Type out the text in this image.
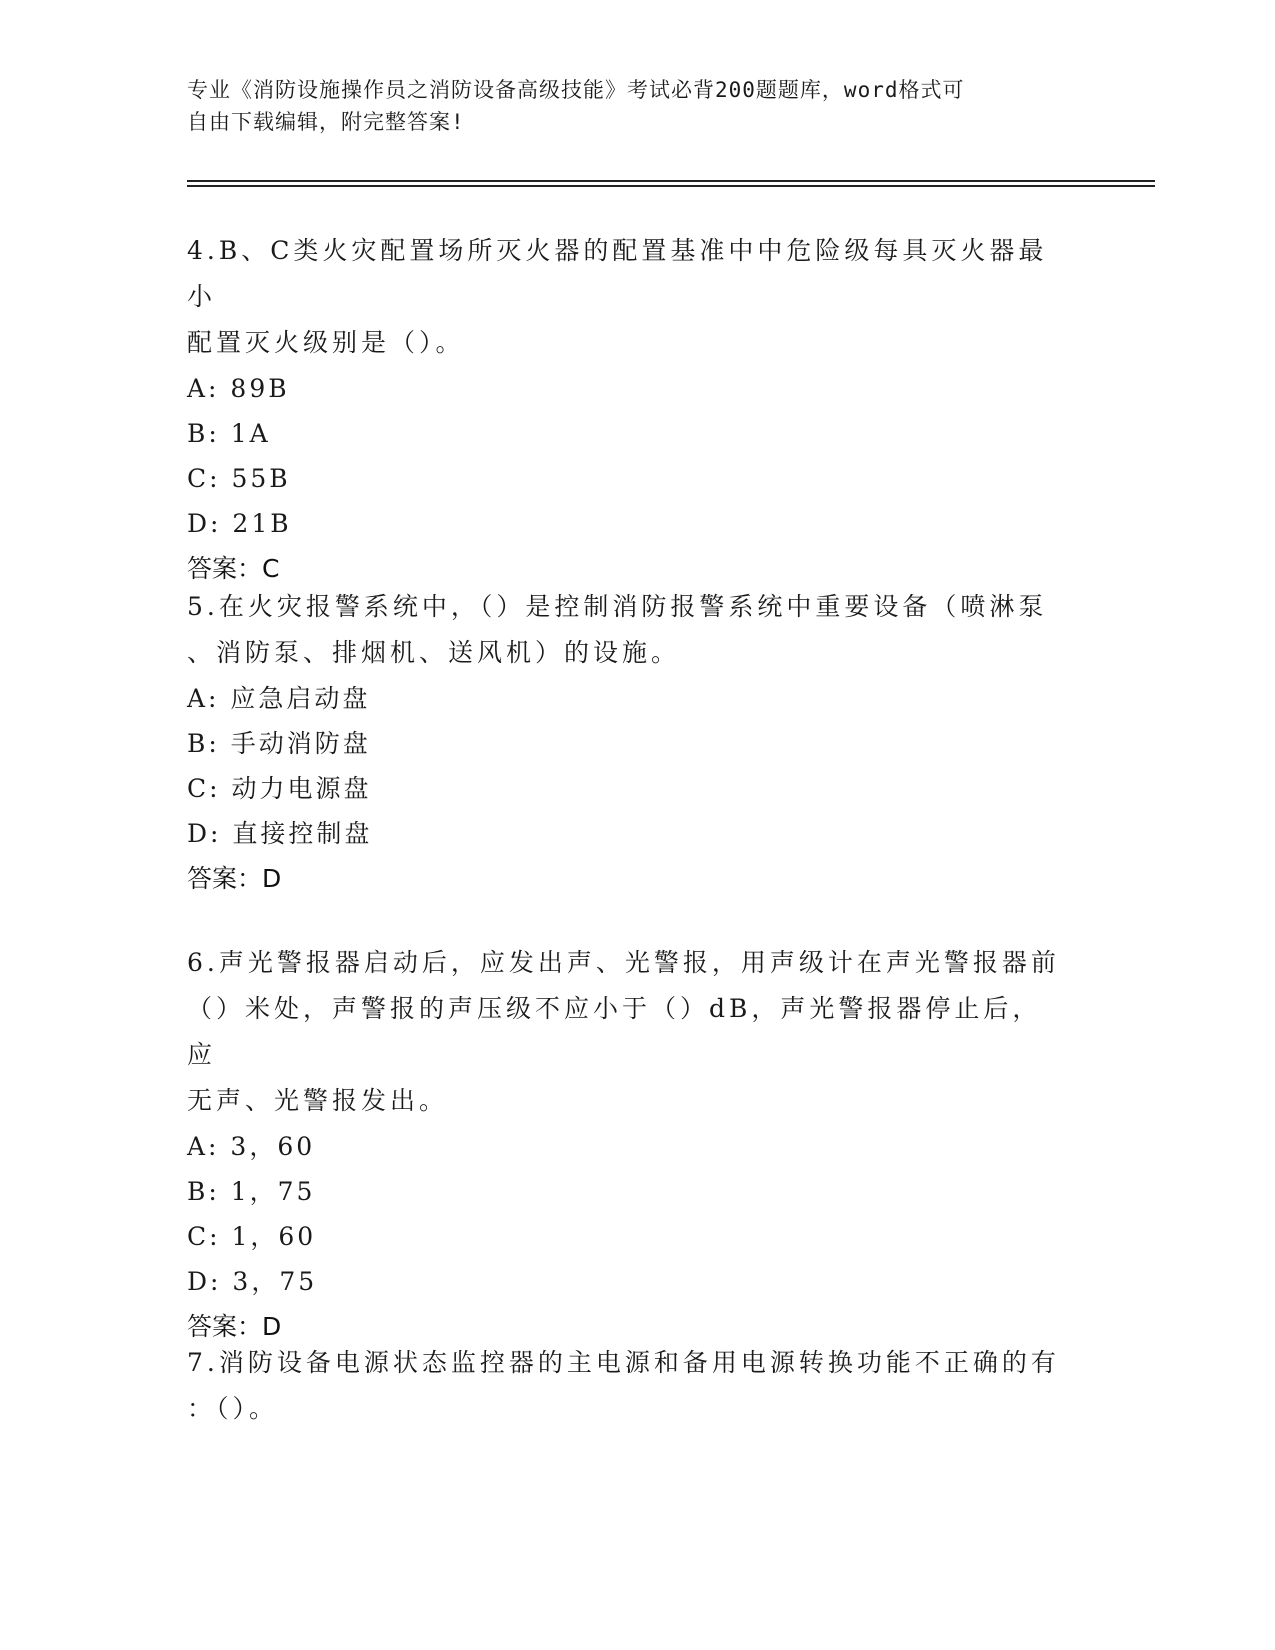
专业《消防设施操作员之消防设备高级技能》考试必背200题题库，word格式可
自由下载编辑，附完整答案!

4.B、C类火灾配置场所灭火器的配置基准中中危险级每具灭火器最小

配置灭火级别是（）。

A: 89B

B: 1A

C: 55B

D: 21B

答案：C

5.在火灾报警系统中，（）是控制消防报警系统中重要设备（喷淋泵

、消防泵、排烟机、送风机）的设施。

A: 应急启动盘

B: 手动消防盘

C: 动力电源盘

D: 直接控制盘

答案：D

6.声光警报器启动后，应发出声、光警报，用声级计在声光警报器前

（）米处，声警报的声压级不应小于（）dB，声光警报器停止后，应

无声、光警报发出。

A: 3，60

B: 1，75

C: 1，60

D: 3，75

答案：D

7.消防设备电源状态监控器的主电源和备用电源转换功能不正确的有

：（）。
